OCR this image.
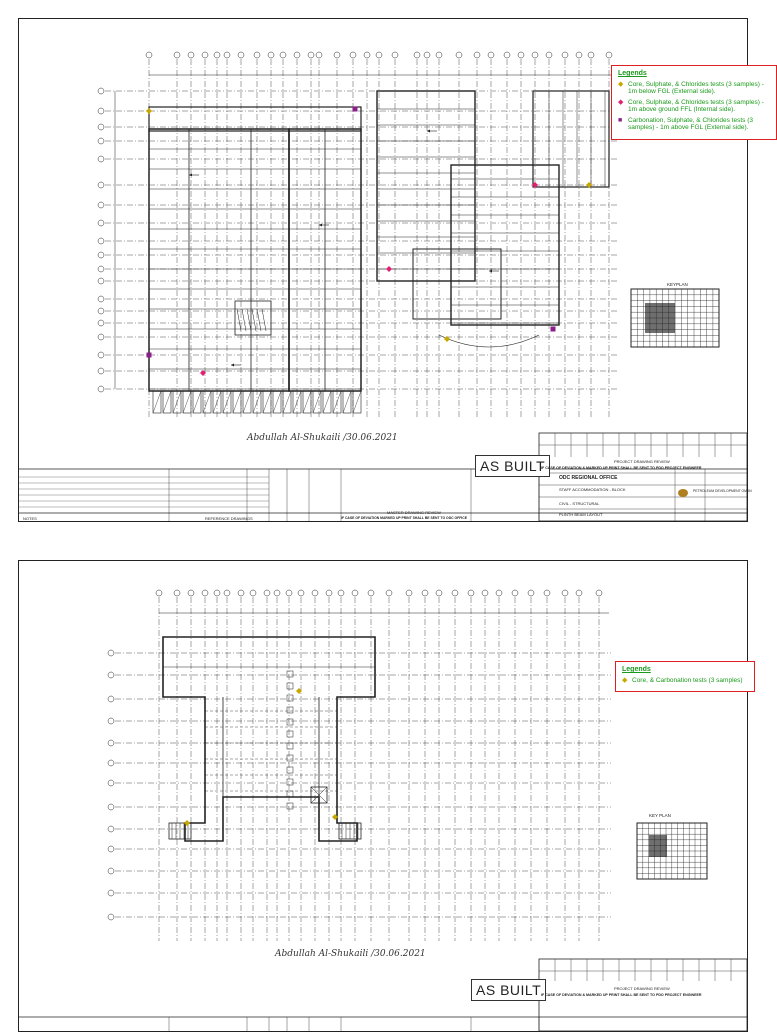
Legends
◆ Core, Sulphate, & Chlorides tests (3 samples) - 1m below FGL (External side).
◆ Core, Sulphate, & Chlorides tests (3 samples) - 1m above ground FFL (Internal side).
■ Carbonation, Sulphate, & Chlorides tests (3 samples) - 1m above FGL (External side).
KEYPLAN
Abdullah Al-Shukaili /30.06.2021
AS BUILT	PROJECT DRAWING REVIEW
IF CASE OF DEVIATION & MARKED UP PRINT SHALL BE SENT TO PDO PROJECT ENGINEER
ODC REGIONAL OFFICE
STAFF ACCOMMODATION - BLOCK	PETROLEUM DEVELOPMENT OMAN
CIVIL - STRUCTURAL
PLINTH BEAM LAYOUT
MASTER DRAWING REVIEW
IF CASE OF DEVIATION MARKED UP PRINT SHALL BE SENT TO ODC OFFICE
NOTES	REFERENCE DRAWINGS
Legends
◆ Core, & Carbonation tests (3 samples)
KEY PLAN
Abdullah Al-Shukaili /30.06.2021
AS BUILT	PROJECT DRAWING REVIEW
IF CASE OF DEVIATION & MARKED UP PRINT SHALL BE SENT TO PDO PROJECT ENGINEER
